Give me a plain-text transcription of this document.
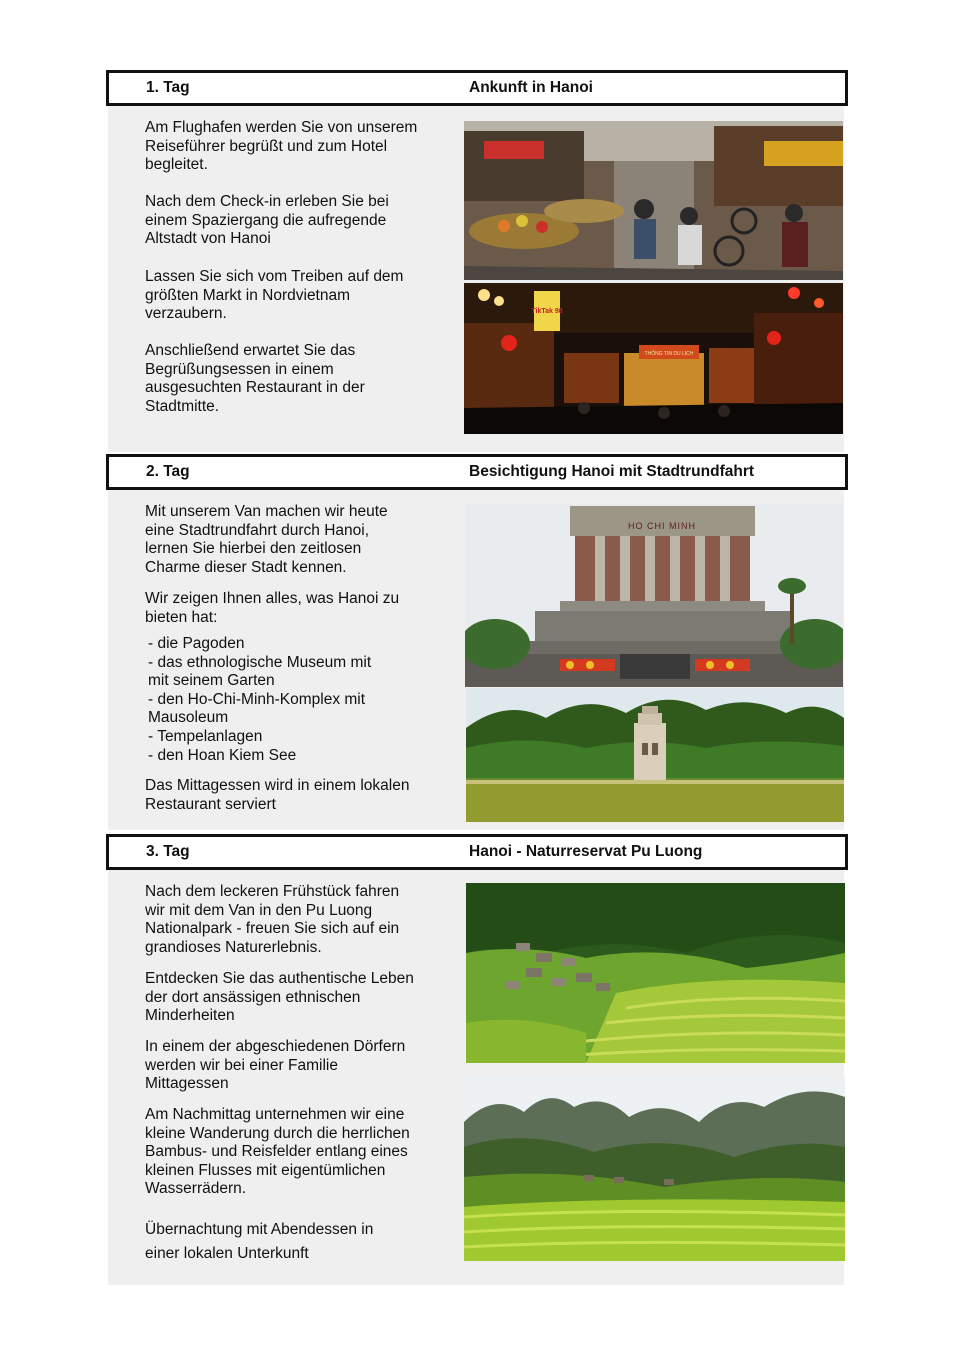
1. Tag	Ankunft in Hanoi
Am Flughafen werden Sie von unserem
Reiseführer begrüßt und zum Hotel
begleitet.
Nach dem Check-in erleben Sie bei
einem Spaziergang die aufregende
Altstadt von Hanoi
Lassen Sie sich vom Treiben auf dem
größten Markt in Nordvietnam
verzaubern.
Anschließend erwartet Sie das
Begrüßungsessen in einem
ausgesuchten Restaurant in der
Stadtmitte.
THÔNG TIN DU LỊCH
TikTak 98
2. Tag	Besichtigung Hanoi mit Stadtrundfahrt
Mit unserem Van machen wir heute
eine Stadtrundfahrt durch Hanoi,
lernen Sie hierbei den zeitlosen
Charme dieser Stadt kennen.
Wir zeigen Ihnen alles, was Hanoi zu
bieten hat:
- die Pagoden
- das ethnologische Museum mit
mit seinem Garten
- den Ho-Chi-Minh-Komplex mit
Mausoleum
- Tempelanlagen
- den Hoan Kiem See
Das Mittagessen wird in einem lokalen
Restaurant serviert
HO CHI MINH
3. Tag	Hanoi - Naturreservat Pu Luong
Nach dem leckeren Frühstück fahren
wir mit dem Van in den Pu Luong
Nationalpark - freuen Sie sich auf ein
grandioses Naturerlebnis.
Entdecken Sie das authentische Leben
der dort ansässigen ethnischen
Minderheiten
In einem der abgeschiedenen Dörfern
werden wir bei einer Familie
Mittagessen
Am Nachmittag unternehmen wir eine
kleine Wanderung durch die herrlichen
Bambus- und Reisfelder entlang eines
kleinen Flusses mit eigentümlichen
Wasserrädern.
Übernachtung mit Abendessen in
einer lokalen Unterkunft
